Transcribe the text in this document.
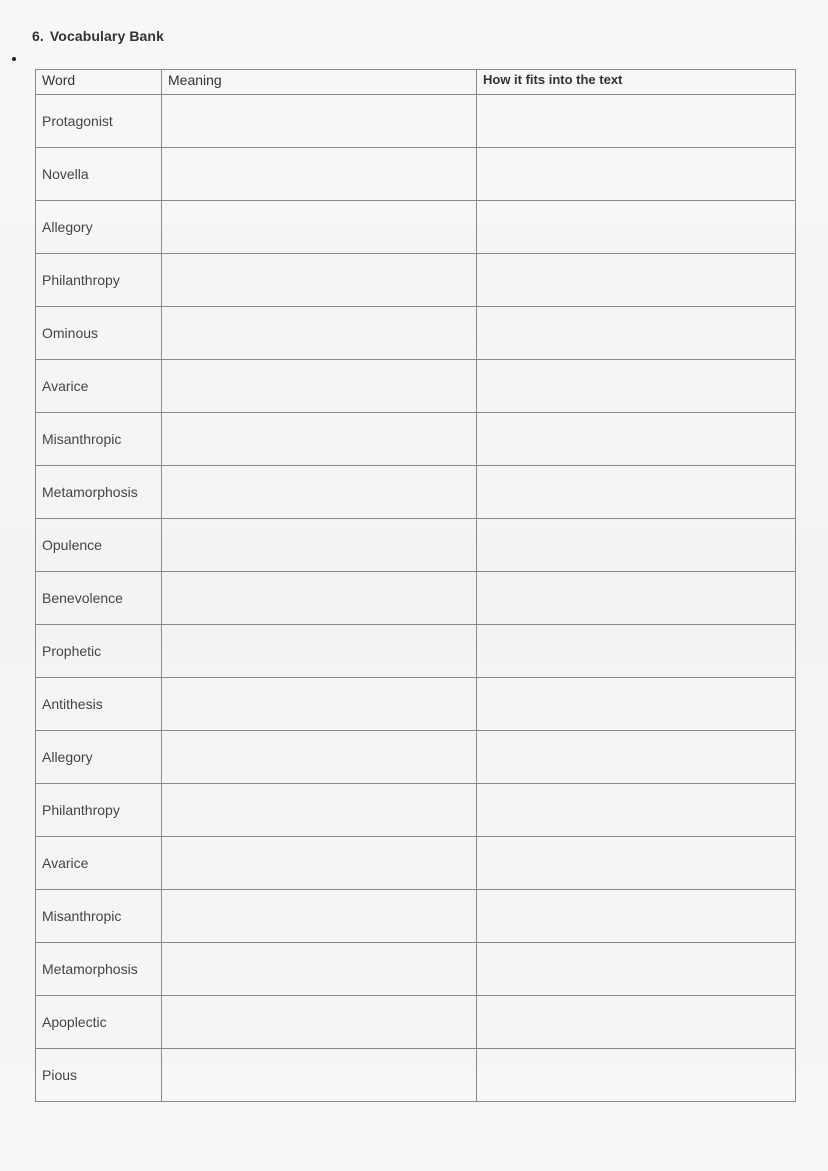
6. Vocabulary Bank
Word	Meaning	How it fits into the text
Protagonist		
Novella		
Allegory		
Philanthropy		
Ominous		
Avarice		
Misanthropic		
Metamorphosis		
Opulence		
Benevolence		
Prophetic		
Antithesis		
Allegory		
Philanthropy		
Avarice		
Misanthropic		
Metamorphosis		
Apoplectic		
Pious		
